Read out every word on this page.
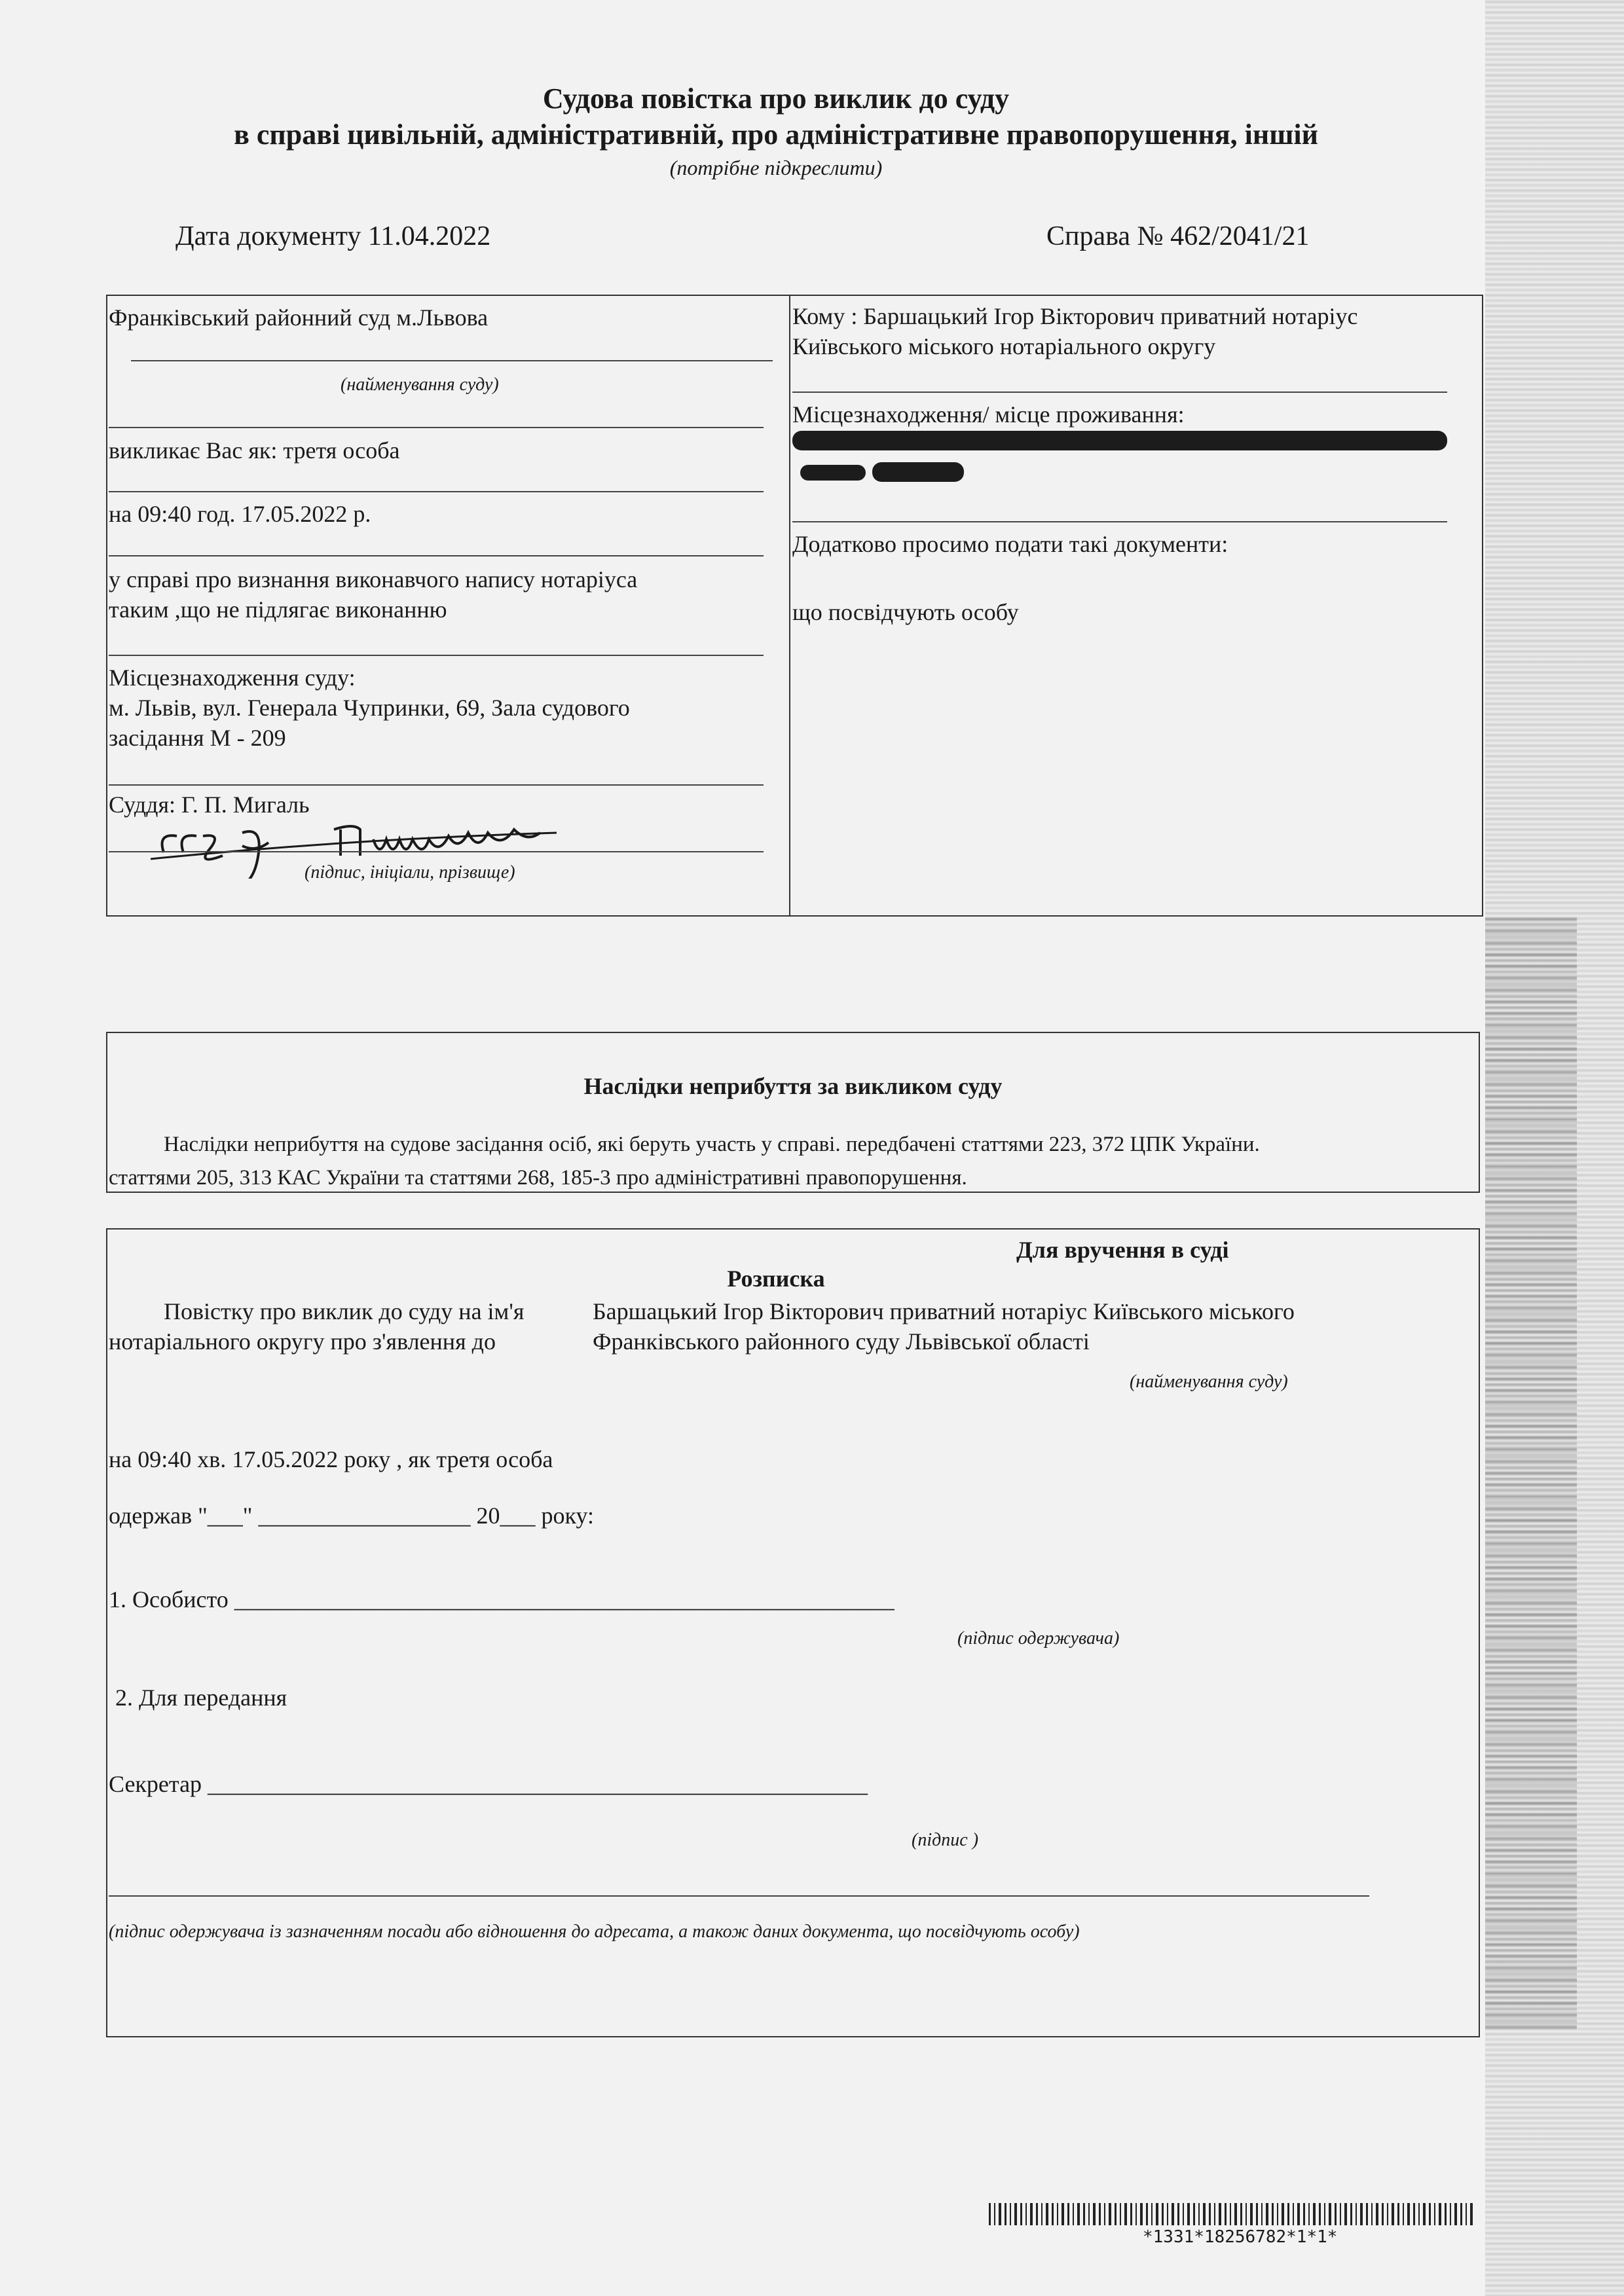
Судова повістка про виклик до суду
в справі цивільній, адміністративній, про адміністративне правопорушення, іншій
(потрібне підкреслити)
Дата документу 11.04.2022	Справа № 462/2041/21
Франківський районний суд м.Львова
(найменування суду)
викликає Вас як: третя особа
на 09:40 год. 17.05.2022 р.
у справі про визнання виконавчого напису нотаріуса
таким ,що не підлягає виконанню
Місцезнаходження суду:
м. Львів, вул. Генерала Чупринки, 69, Зала судового
засідання М - 209
Суддя: Г. П. Мигаль
(підпис, ініціали, прізвище)
Кому : Баршацький Ігор Вікторович приватний нотаріус
Київського міського нотаріального округу
Місцезнаходження/ місце проживання:
Додатково просимо подати такі документи:
що посвідчують особу
Наслідки неприбуття за викликом суду
Наслідки неприбуття на судове засідання осіб, які беруть участь у справі. передбачені статтями 223, 372 ЦПК України.
статтями 205, 313 КАС України та статтями 268, 185-3 про адміністративні правопорушення.
Для вручення в суді
Розписка
Повістку про виклик до суду на ім'я	Баршацький Ігор Вікторович приватний нотаріус Київського міського
нотаріального округу про з'явлення до	Франківського районного суду Львівської області
(найменування суду)
на 09:40 хв. 17.05.2022 року , як третя особа
одержав "___" __________________ 20___ року:
1. Особисто ________________________________________________________
(підпис одержувача)
2. Для передання
Секретар ________________________________________________________
(підпис )
(підпис одержувача із зазначенням посади або відношення до адресата, а також даних документа, що посвідчують особу)
*1331*18256782*1*1*
